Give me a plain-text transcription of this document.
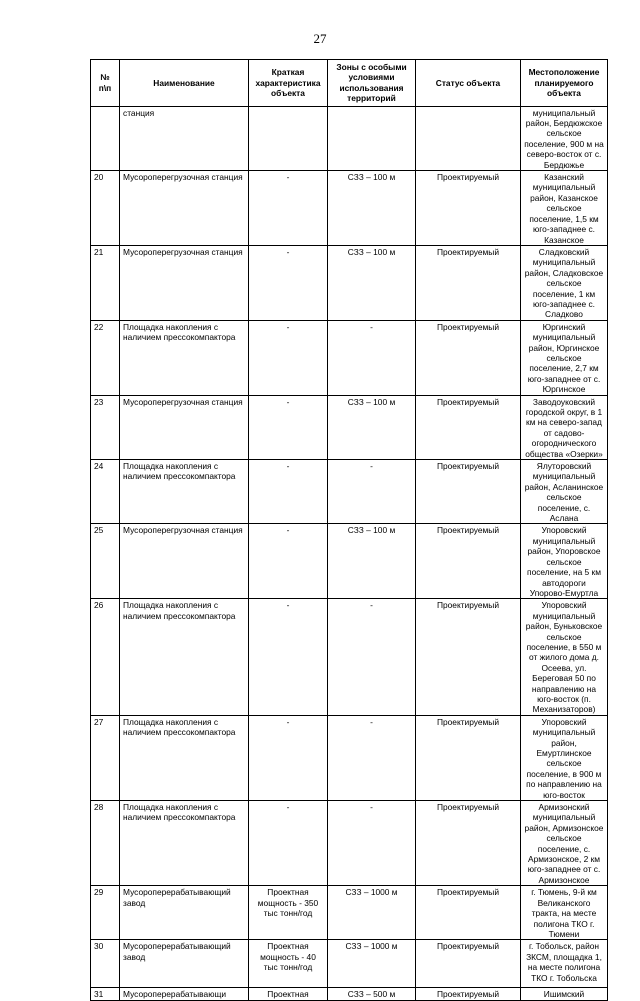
27
№ п\п	Наименование	Краткая характеристика объекта	Зоны с особыми условиями использования территорий	Статус объекта	Местоположение планируемого объекта
	станция				муниципальный район, Бердюжское сельское поселение, 900 м на северо-восток от с. Бердюжье
20	Мусороперегрузочная станция	-	СЗЗ – 100 м	Проектируемый	Казанский муниципальный район, Казанское сельское поселение, 1,5 км юго-западнее с. Казанское
21	Мусороперегрузочная станция	-	СЗЗ – 100 м	Проектируемый	Сладковский муниципальный район, Сладковское сельское поселение, 1 км юго-западнее с. Сладково
22	Площадка накопления с наличием прессокомпактора	-	-	Проектируемый	Юргинский муниципальный район, Юргинское сельское поселение, 2,7 км юго-западнее от с. Юргинское
23	Мусороперегрузочная станция	-	СЗЗ – 100 м	Проектируемый	Заводоуковский городской округ, в 1 км на северо-запад от садово-огороднического общества «Озерки»
24	Площадка накопления с наличием прессокомпактора	-	-	Проектируемый	Ялуторовский муниципальный район, Асланинское сельское поселение, с. Аслана
25	Мусороперегрузочная станция	-	СЗЗ – 100 м	Проектируемый	Упоровский муниципальный район, Упоровское сельское поселение, на 5 км автодороги Упорово-Емуртла
26	Площадка накопления с наличием прессокомпактора	-	-	Проектируемый	Упоровский муниципальный район, Буньковское сельское поселение, в 550 м от жилого дома д. Осеева, ул. Береговая 50 по направлению на юго-восток (п. Механизаторов)
27	Площадка накопления с наличием прессокомпактора	-	-	Проектируемый	Упоровский муниципальный район, Емуртлинское сельское поселение, в 900 м по направлению на юго-восток
28	Площадка накопления с наличием прессокомпактора	-	-	Проектируемый	Армизонский муниципальный район, Армизонское сельское поселение, с. Армизонское, 2 км юго-западнее от с. Армизонское
29	Мусороперерабатывающий завод	Проектная мощность - 350 тыс тонн/год	СЗЗ – 1000 м	Проектируемый	г. Тюмень, 9-й км Великанского тракта, на месте полигона ТКО г. Тюмени
30	Мусороперерабатывающий завод	Проектная мощность - 40 тыс тонн/год	СЗЗ – 1000 м	Проектируемый	г. Тобольск, район ЗКСМ, площадка 1, на месте полигона ТКО г. Тобольска
31	Мусороперерабатывающи	Проектная	СЗЗ – 500 м	Проектируемый	Ишимский
